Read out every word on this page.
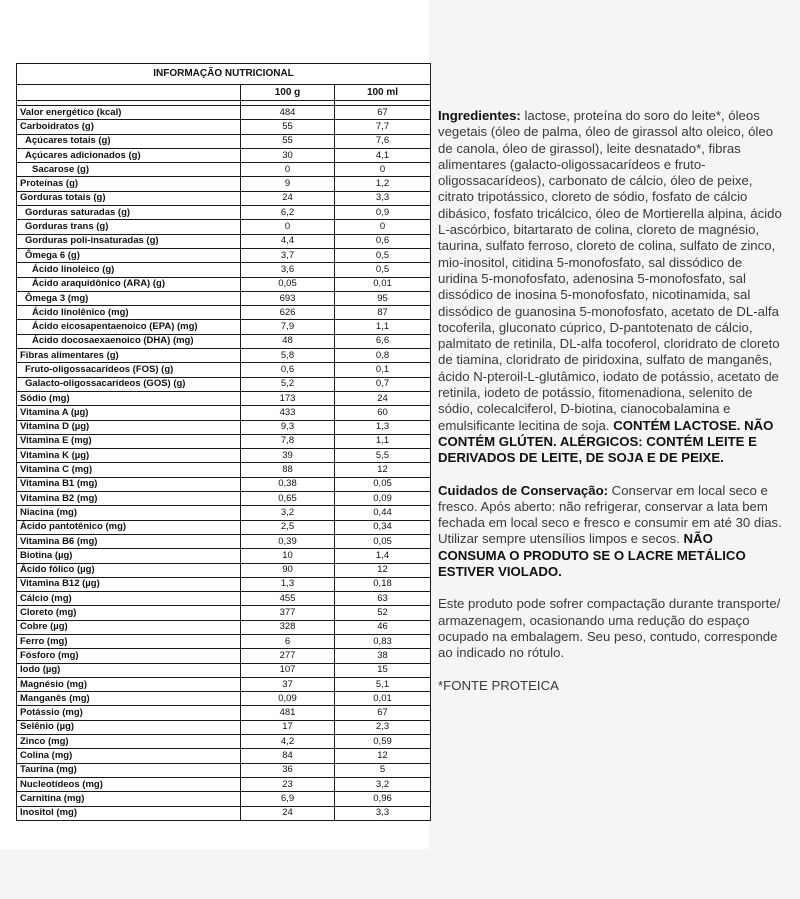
INFORMAÇÃO NUTRICIONAL		
	100 g	100 ml

Valor energético (kcal)	484	67
Carboidratos (g)	55	7,7
Açúcares totais (g)	55	7,6
Açúcares adicionados (g)	30	4,1
Sacarose (g)	0	0
Proteínas (g)	9	1,2
Gorduras totais (g)	24	3,3
Gorduras saturadas (g)	6,2	0,9
Gorduras trans (g)	0	0
Gorduras poli-insaturadas (g)	4,4	0,6
Ômega 6 (g)	3,7	0,5
Ácido linoleico (g)	3,6	0,5
Ácido araquidônico (ARA) (g)	0,05	0,01
Ômega 3 (mg)	693	95
Ácido linolênico (mg)	626	87
Ácido eicosapentaenoico (EPA) (mg)	7,9	1,1
Ácido docosaexaenoico (DHA) (mg)	48	6,6
Fibras alimentares (g)	5,8	0,8
Fruto-oligossacarídeos (FOS) (g)	0,6	0,1
Galacto-oligossacarídeos (GOS) (g)	5,2	0,7
Sódio (mg)	173	24
Vitamina A (µg)	433	60
Vitamina D (µg)	9,3	1,3
Vitamina E (mg)	7,8	1,1
Vitamina K (µg)	39	5,5
Vitamina C (mg)	88	12
Vitamina B1 (mg)	0,38	0,05
Vitamina B2 (mg)	0,65	0,09
Niacina (mg)	3,2	0,44
Ácido pantotênico (mg)	2,5	0,34
Vitamina B6 (mg)	0,39	0,05
Biotina (µg)	10	1,4
Ácido fólico (µg)	90	12
Vitamina B12 (µg)	1,3	0,18
Cálcio (mg)	455	63
Cloreto (mg)	377	52
Cobre (µg)	328	46
Ferro (mg)	6	0,83
Fósforo (mg)	277	38
Iodo (µg)	107	15
Magnésio (mg)	37	5,1
Manganês (mg)	0,09	0,01
Potássio (mg)	481	67
Selênio (µg)	17	2,3
Zinco (mg)	4,2	0,59
Colina (mg)	84	12
Taurina (mg)	36	5
Nucleotídeos (mg)	23	3,2
Carnitina (mg)	6,9	0,96
Inositol (mg)	24	3,3

Ingredientes: lactose, proteína do soro do leite*, óleos vegetais (óleo de palma, óleo de girassol alto oleico, óleo de canola, óleo de girassol), leite desnatado*, fibras alimentares (galacto-oligossacarídeos e fruto-oligossacarídeos), carbonato de cálcio, óleo de peixe, citrato tripotássico, cloreto de sódio, fosfato de cálcio dibásico, fosfato tricálcico, óleo de Mortierella alpina, ácido L-ascórbico, bitartarato de colina, cloreto de magnésio, taurina, sulfato ferroso, cloreto de colina, sulfato de zinco, mio-inositol, citidina 5-monofosfato, sal dissódico de uridina 5-monofosfato, adenosina 5-monofosfato, sal dissódico de inosina 5-monofosfato, nicotinamida, sal dissódico de guanosina 5-monofosfato, acetato de DL-alfa tocoferila, gluconato cúprico, D-pantotenato de cálcio, palmitato de retinila, DL-alfa tocoferol, cloridrato de cloreto de tiamina, cloridrato de piridoxina, sulfato de manganês, ácido N-pteroil-L-glutâmico, iodato de potássio, acetato de retinila, iodeto de potássio, fitomenadiona, selenito de sódio, colecalciferol, D-biotina, cianocobalamina e emulsificante lecitina de soja. CONTÉM LACTOSE. NÃO CONTÉM GLÚTEN. ALÉRGICOS: CONTÉM LEITE E DERIVADOS DE LEITE, DE SOJA E DE PEIXE.

Cuidados de Conservação: Conservar em local seco e fresco. Após aberto: não refrigerar, conservar a lata bem fechada em local seco e fresco e consumir em até 30 dias. Utilizar sempre utensílios limpos e secos. NÃO CONSUMA O PRODUTO SE O LACRE METÁLICO ESTIVER VIOLADO.

Este produto pode sofrer compactação durante transporte/ armazenagem, ocasionando uma redução do espaço ocupado na embalagem. Seu peso, contudo, corresponde ao indicado no rótulo.

*FONTE PROTEICA
